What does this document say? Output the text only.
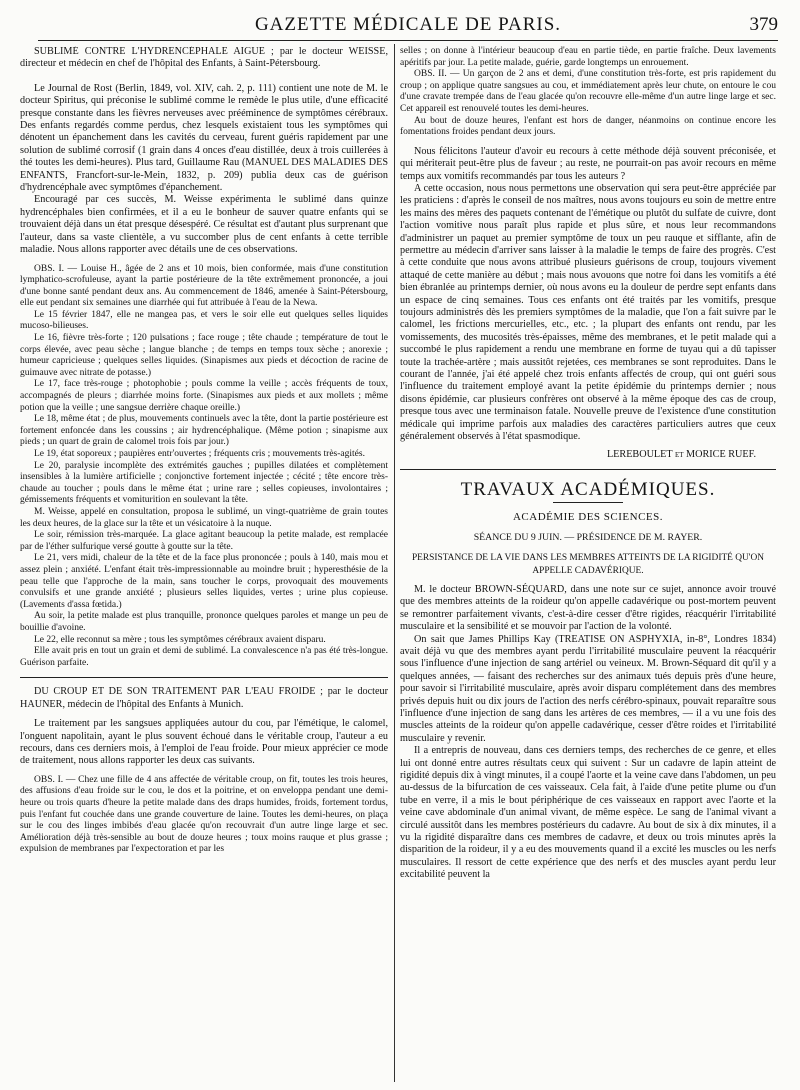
GAZETTE MÉDICALE DE PARIS.	379

SUBLIMÉ CONTRE L'HYDRENCÉPHALE AIGUE ; par le docteur WEISSE, directeur et médecin en chef de l'hôpital des Enfants, à Saint-Pétersbourg.

Le Journal de Rost (Berlin, 1849, vol. XIV, cah. 2, p. 111) contient une note de M. le docteur Spiritus, qui préconise le sublimé comme le remède le plus utile, d'une efficacité presque constante dans les fièvres nerveuses avec prééminence de symptômes cérébraux. Des enfants regardés comme perdus, chez lesquels existaient tous les symptômes qui dénotent un épanchement dans les cavités du cerveau, furent guéris rapidement par une solution de sublimé corrosif (1 grain dans 4 onces d'eau distillée, deux à trois cuillerées à thé toutes les demi-heures). Plus tard, Guillaume Rau (MANUEL DES MALADIES DES ENFANTS, Francfort-sur-le-Mein, 1832, p. 209) publia deux cas de guérison d'hydrencéphale avec symptômes d'épanchement.

Encouragé par ces succès, M. Weisse expérimenta le sublimé dans quinze hydrencéphales bien confirmées, et il a eu le bonheur de sauver quatre enfants qui se trouvaient déjà dans un état presque désespéré. Ce résultat est d'autant plus surprenant que l'auteur, dans sa vaste clientèle, a vu succomber plus de cent enfants à cette terrible maladie. Nous allons rapporter avec détails une de ces observations.

OBS. I. — Louise H., âgée de 2 ans et 10 mois, bien conformée, mais d'une constitution lymphatico-scrofuleuse, ayant la partie postérieure de la tête extrêmement prononcée, a joui d'une bonne santé pendant deux ans. Au commencement de 1846, amenée à Saint-Pétersbourg, elle eut pendant six semaines une diarrhée qui fut attribuée à l'eau de la Newa.

Le 15 février 1847, elle ne mangea pas, et vers le soir elle eut quelques selles liquides mucoso-bilieuses.

Le 16, fièvre très-forte ; 120 pulsations ; face rouge ; tête chaude ; température de tout le corps élevée, avec peau sèche ; langue blanche ; de temps en temps toux sèche ; anorexie ; humeur capricieuse ; quelques selles liquides. (Sinapismes aux pieds et décoction de racine de guimauve avec nitrate de potasse.)

Le 17, face très-rouge ; photophobie ; pouls comme la veille ; accès fréquents de toux, accompagnés de pleurs ; diarrhée moins forte. (Sinapismes aux pieds et aux mollets ; même potion que la veille ; une sangsue derrière chaque oreille.)

Le 18, même état ; de plus, mouvements continuels avec la tête, dont la partie postérieure est fortement enfoncée dans les coussins ; air hydrencéphalique. (Même potion ; sinapisme aux pieds ; un quart de grain de calomel trois fois par jour.)

Le 19, état soporeux ; paupières entr'ouvertes ; fréquents cris ; mouvements très-agités.

Le 20, paralysie incomplète des extrémités gauches ; pupilles dilatées et complètement insensibles à la lumière artificielle ; conjonctive fortement injectée ; cécité ; tête encore très-chaude au toucher ; pouls dans le même état ; urine rare ; selles copieuses, involontaires ; gémissements fréquents et vomiturition en soulevant la tête.

M. Weisse, appelé en consultation, proposa le sublimé, un vingt-quatrième de grain toutes les deux heures, de la glace sur la tête et un vésicatoire à la nuque.

Le soir, rémission très-marquée. La glace agitant beaucoup la petite malade, est remplacée par de l'éther sulfurique versé goutte à goutte sur la tête.

Le 21, vers midi, chaleur de la tête et de la face plus prononcée ; pouls à 140, mais mou et assez plein ; anxiété. L'enfant était très-impressionnable au moindre bruit ; hyperesthésie de la peau telle que l'approche de la main, sans toucher le corps, provoquait des mouvements convulsifs et une grande anxiété ; plusieurs selles liquides, vertes ; urine plus copieuse. (Lavements d'assa fœtida.)

Au soir, la petite malade est plus tranquille, prononce quelques paroles et mange un peu de bouillie d'avoine.

Le 22, elle reconnut sa mère ; tous les symptômes cérébraux avaient disparu.

Elle avait pris en tout un grain et demi de sublimé. La convalescence n'a pas été très-longue. Guérison parfaite.

DU CROUP ET DE SON TRAITEMENT PAR L'EAU FROIDE ; par le docteur HAUNER, médecin de l'hôpital des Enfants à Munich.

Le traitement par les sangsues appliquées autour du cou, par l'émétique, le calomel, l'onguent napolitain, ayant le plus souvent échoué dans le véritable croup, l'auteur a eu recours, dans ces derniers mois, à l'emploi de l'eau froide. Pour mieux apprécier ce mode de traitement, nous allons rapporter les deux cas suivants.

OBS. I. — Chez une fille de 4 ans affectée de véritable croup, on fit, toutes les trois heures, des affusions d'eau froide sur le cou, le dos et la poitrine, et on enveloppa pendant une demi-heure ou trois quarts d'heure la petite malade dans des draps humides, froids, fortement tordus, puis l'enfant fut couchée dans une grande couverture de laine. Toutes les demi-heures, on plaça sur le cou des linges imbibés d'eau glacée qu'on recouvrait d'un autre linge large et sec. Amélioration déjà très-sensible au bout de douze heures ; toux moins rauque et plus grasse ; expulsion de membranes par l'expectoration et par les

selles ; on donne à l'intérieur beaucoup d'eau en partie tiède, en partie fraîche. Deux lavements apéritifs par jour. La petite malade, guérie, garde longtemps un enrouement.

OBS. II. — Un garçon de 2 ans et demi, d'une constitution très-forte, est pris rapidement du croup ; on applique quatre sangsues au cou, et immédiatement après leur chute, on entoure le cou d'une cravate trempée dans de l'eau glacée qu'on recouvre elle-même d'un autre linge large et sec. Cet appareil est renouvelé toutes les demi-heures.

Au bout de douze heures, l'enfant est hors de danger, néanmoins on continue encore les fomentations froides pendant deux jours.

Nous félicitons l'auteur d'avoir eu recours à cette méthode déjà souvent préconisée, et qui mériterait peut-être plus de faveur ; au reste, ne pourrait-on pas avoir recours en même temps aux vomitifs recommandés par tous les auteurs ?

A cette occasion, nous nous permettons une observation qui sera peut-être appréciée par les praticiens : d'après le conseil de nos maîtres, nous avons toujours eu soin de mettre entre les mains des mères des paquets contenant de l'émétique ou plutôt du sulfate de cuivre, dont l'action vomitive nous paraît plus rapide et plus sûre, et nous leur recommandons d'administrer un paquet au premier symptôme de toux un peu rauque et sifflante, afin de permettre au médecin d'arriver sans laisser à la maladie le temps de faire des progrès. C'est à cette conduite que nous avons attribué plusieurs guérisons de croup, toujours vivement attaqué de cette manière au début ; mais nous avouons que notre foi dans les vomitifs a été bien ébranlée au printemps dernier, où nous avons eu la douleur de perdre sept enfants dans un espace de cinq semaines. Tous ces enfants ont été traités par les vomitifs, presque toujours administrés dès les premiers symptômes de la maladie, que l'on a fait suivre par le calomel, les frictions mercurielles, etc., etc. ; la plupart des enfants ont rendu, par les vomissements, des mucosités très-épaisses, même des membranes, et le petit malade qui a succombé le plus rapidement a rendu une membrane en forme de tuyau qui a dû tapisser toute la trachée-artère ; mais aussitôt rejetées, ces membranes se sont reproduites. Dans le courant de l'année, j'ai été appelé chez trois enfants affectés de croup, qui ont guéri sous l'influence du traitement employé avant la petite épidémie du printemps dernier ; nous disons épidémie, car plusieurs confrères ont observé à la même époque des cas de croup, presque tous avec une terminaison fatale. Nouvelle preuve de l'existence d'une constitution médicale qui imprime parfois aux maladies des caractères particuliers autres que ceux généralement observés à l'état spasmodique.

LEREBOULET et MORICE RUEF.

TRAVAUX ACADÉMIQUES.
ACADÉMIE DES SCIENCES.
SÉANCE DU 9 JUIN. — PRÉSIDENCE DE M. RAYER.
PERSISTANCE DE LA VIE DANS LES MEMBRES ATTEINTS DE LA RIGIDITÉ QU'ON APPELLE CADAVÉRIQUE.

M. le docteur BROWN-SÉQUARD, dans une note sur ce sujet, annonce avoir trouvé que des membres atteints de la roideur qu'on appelle cadavérique ou post-mortem peuvent se remontrer parfaitement vivants, c'est-à-dire cesser d'être rigides, réacquérir l'irritabilité musculaire et la sensibilité et se mouvoir par l'action de la volonté.

On sait que James Phillips Kay (TREATISE ON ASPHYXIA, in-8°, Londres 1834) avait déjà vu que des membres ayant perdu l'irritabilité musculaire peuvent la réacquérir sous l'influence d'une injection de sang artériel ou veineux. M. Brown-Séquard dit qu'il y a quelques années, — faisant des recherches sur des animaux tués depuis près d'une heure, pour savoir si l'irritabilité musculaire, après avoir disparu complétement dans des membres privés depuis huit ou dix jours de l'action des nerfs cérébro-spinaux, pouvait reparaître sous l'influence d'une injection de sang dans les artères de ces membres, — il a vu une fois des muscles atteints de la roideur qu'on appelle cadavérique, cesser d'être roides et l'irritabilité musculaire y revenir.

Il a entrepris de nouveau, dans ces derniers temps, des recherches de ce genre, et elles lui ont donné entre autres résultats ceux qui suivent : Sur un cadavre de lapin atteint de rigidité depuis dix à vingt minutes, il a coupé l'aorte et la veine cave dans l'abdomen, un peu au-dessus de la bifurcation de ces vaisseaux. Cela fait, à l'aide d'une petite plume ou d'un tube en verre, il a mis le bout périphérique de ces vaisseaux en rapport avec l'aorte et la veine cave abdominale d'un animal vivant, de même espèce. Le sang de l'animal vivant a circulé aussitôt dans les membres postérieurs du cadavre. Au bout de six à dix minutes, il a vu la rigidité disparaître dans ces membres de cadavre, et deux ou trois minutes après la disparition de la roideur, il y a eu des mouvements quand il a excité les muscles ou les nerfs musculaires. Il ressort de cette expérience que des nerfs et des muscles ayant perdu leur excitabilité peuvent la
